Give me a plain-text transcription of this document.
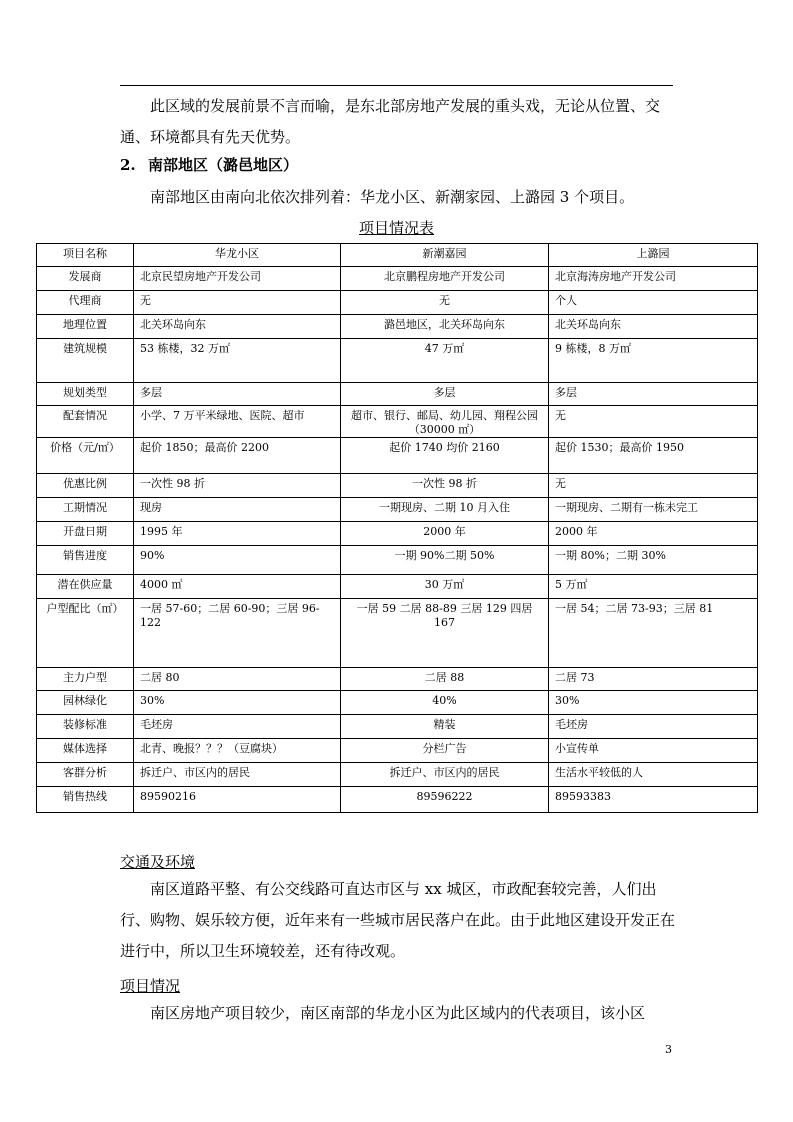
此区域的发展前景不言而喻，是东北部房地产发展的重头戏，无论从位置、交通、环境都具有先天优势。
2. 南部地区（潞邑地区）
南部地区由南向北依次排列着：华龙小区、新潮家园、上潞园 3 个项目。
项目情况表
项目名称	华龙小区	新潮嘉园	上潞园
发展商	北京民望房地产开发公司	北京鹏程房地产开发公司	北京海涛房地产开发公司
代理商	无	无	个人
地理位置	北关环岛向东	潞邑地区，北关环岛向东	北关环岛向东
建筑规模	53 栋楼，32 万㎡	47 万㎡	9 栋楼，8 万㎡
规划类型	多层	多层	多层
配套情况	小学、7 万平米绿地、医院、超市	超市、银行、邮局、幼儿园、翔程公园（30000 ㎡）	无
价格（元/㎡）	起价 1850；最高价 2200	起价 1740 均价 2160	起价 1530；最高价 1950
优惠比例	一次性 98 折	一次性 98 折	无
工期情况	现房	一期现房、二期 10 月入住	一期现房、二期有一栋未完工
开盘日期	1995 年	2000 年	2000 年
销售进度	90%	一期 90%二期 50%	一期 80%；二期 30%
潜在供应量	4000 ㎡	30 万㎡	5 万㎡
户型配比（㎡）	一居 57-60；二居 60-90；三居 96-122	一居 59 二居 88-89 三居 129 四居 167	一居 54；二居 73-93；三居 81
主力户型	二居 80	二居 88	二居 73
园林绿化	30%	40%	30%
装修标准	毛坯房	精装	毛坯房
媒体选择	北青、晚报？？？（豆腐块）	分栏广告	小宣传单
客群分析	拆迁户、市区内的居民	拆迁户、市区内的居民	生活水平较低的人
销售热线	89590216	89596222	89593383
交通及环境
南区道路平整、有公交线路可直达市区与 xx 城区，市政配套较完善，人们出行、购物、娱乐较方便，近年来有一些城市居民落户在此。由于此地区建设开发正在进行中，所以卫生环境较差，还有待改观。
项目情况
南区房地产项目较少，南区南部的华龙小区为此区域内的代表项目，该小区
3
